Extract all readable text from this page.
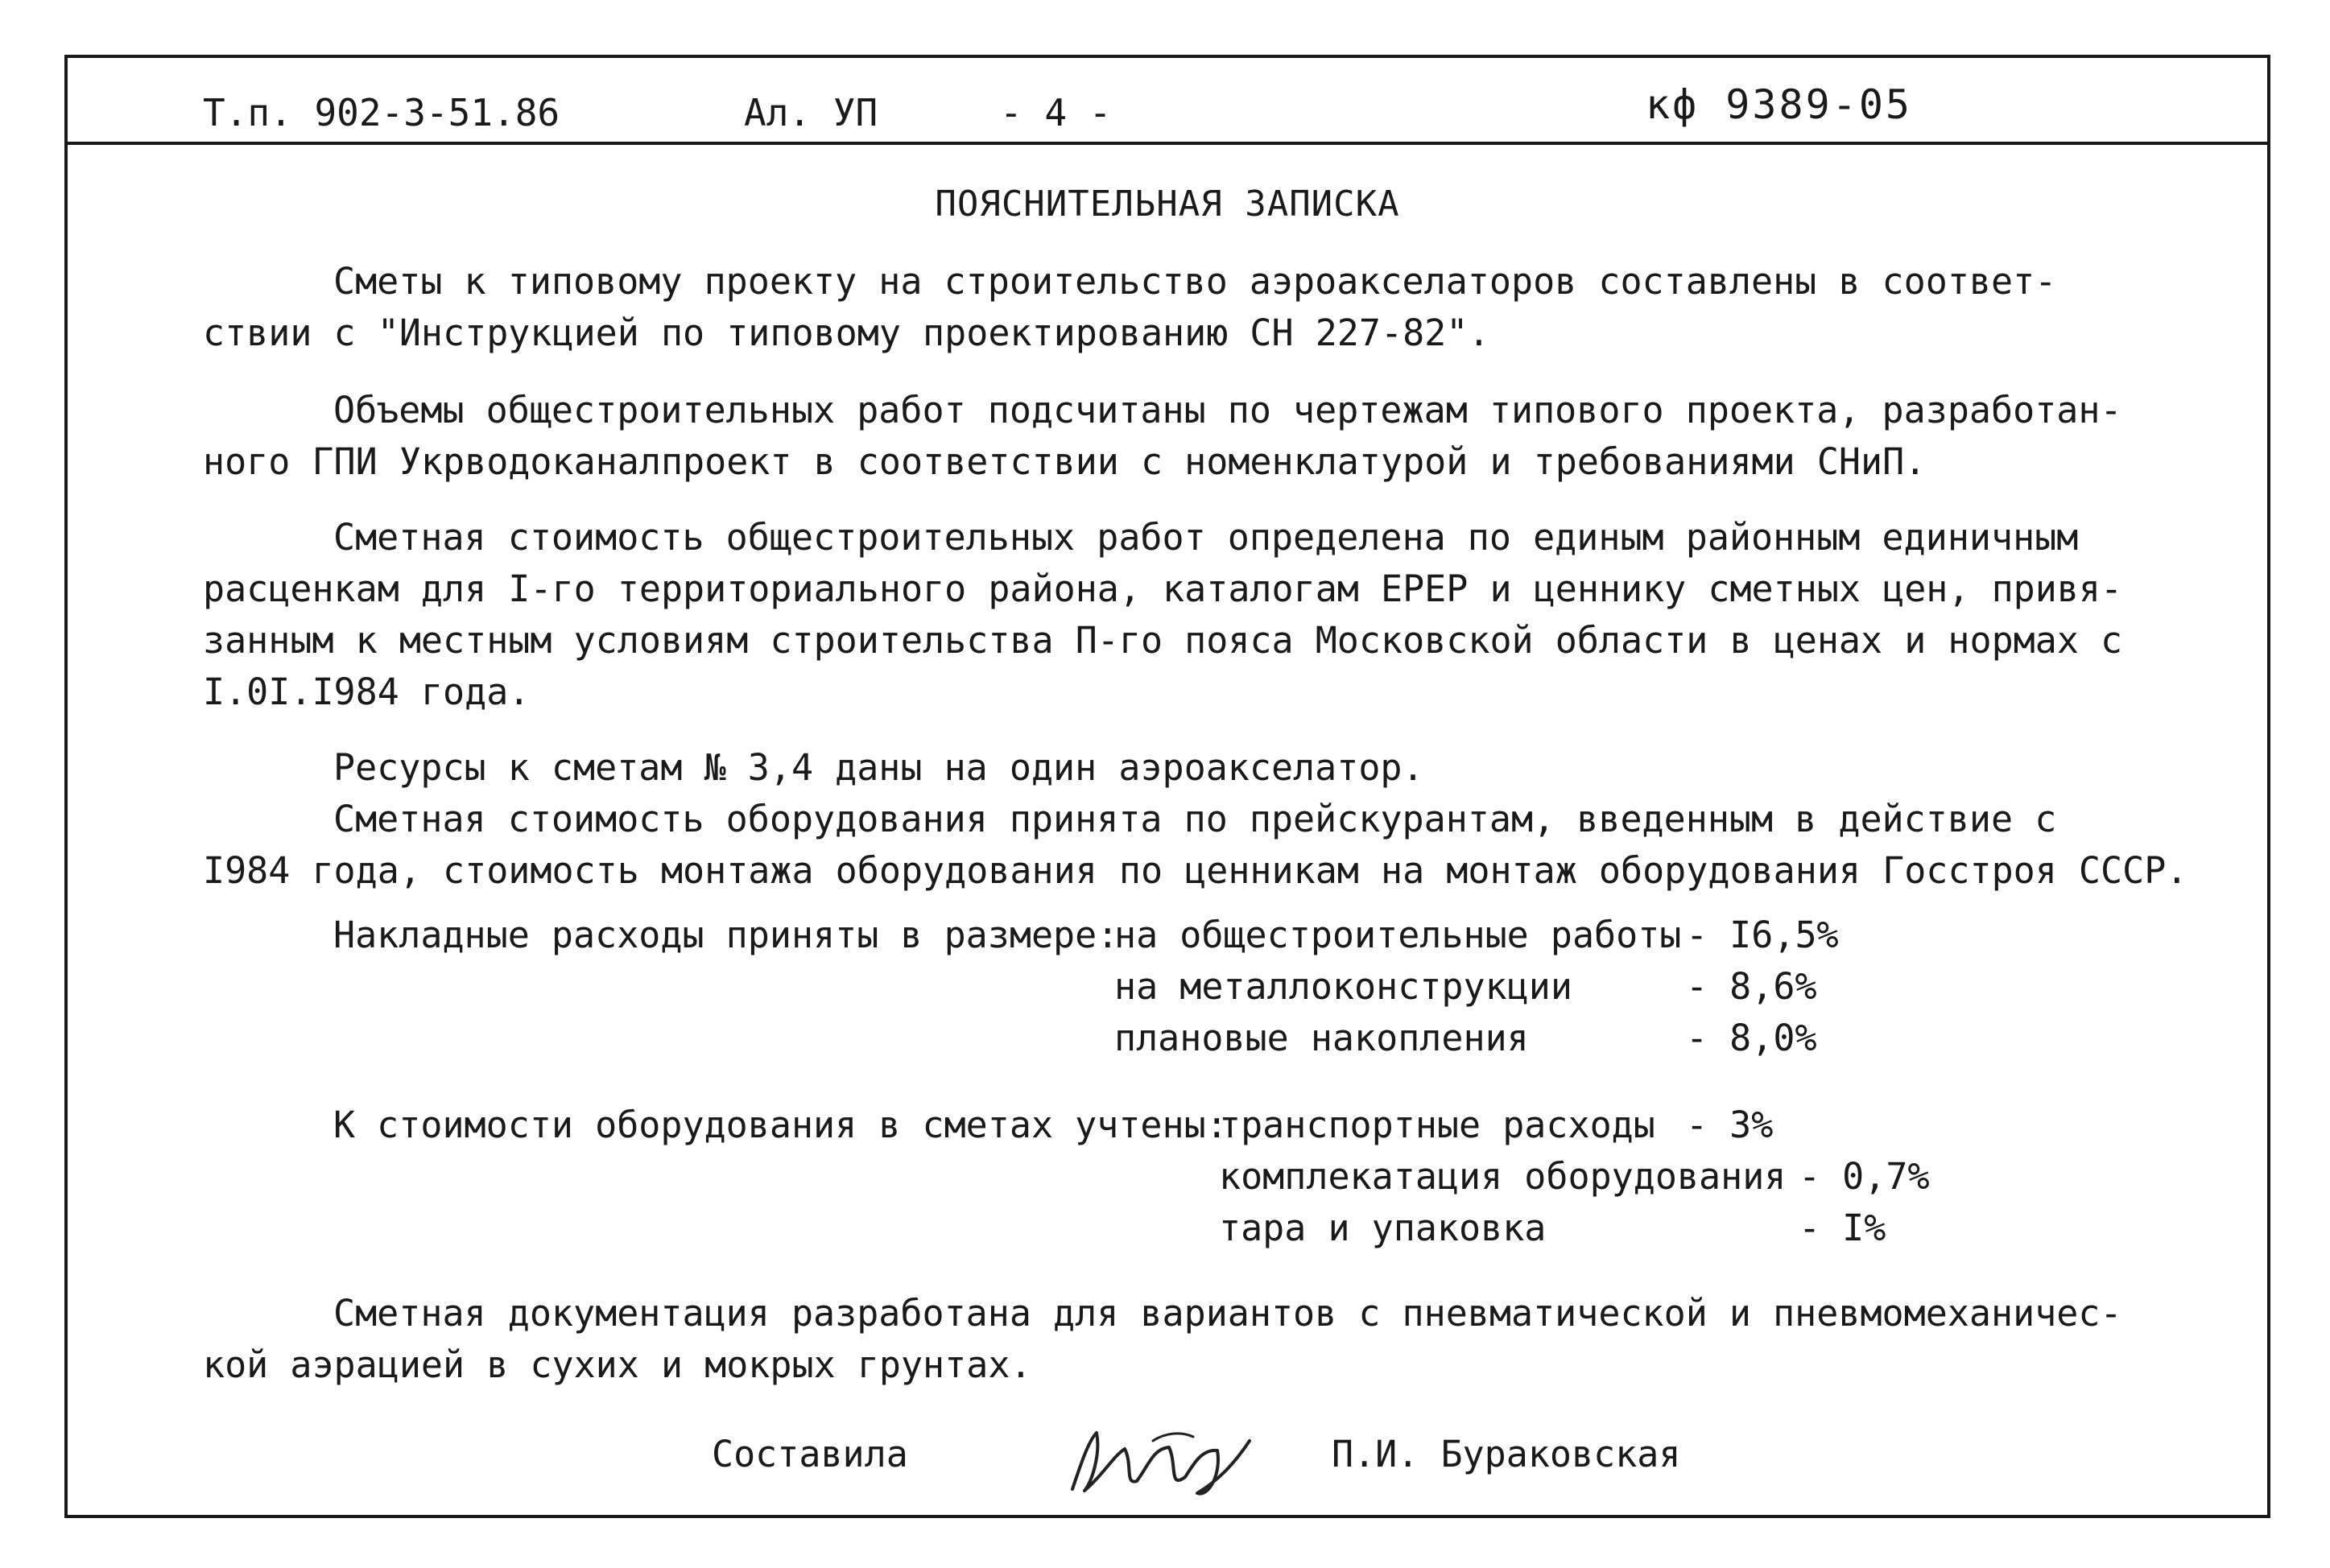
Т.п. 902-3-51.86	Ал. УП	- 4 -	кф 9389-05
ПОЯСНИТЕЛЬНАЯ ЗАПИСКА
Сметы к типовому проекту на строительство аэроакселаторов составлены в соответ-
ствии с "Инструкцией по типовому проектированию СН 227-82".
Объемы общестроительных работ подсчитаны по чертежам типового проекта, разработан-
ного ГПИ Укрводоканалпроект в соответствии с номенклатурой и требованиями СНиП.
Сметная стоимость общестроительных работ определена по единым районным единичным
расценкам для I-го территориального района, каталогам ЕРЕР и ценнику сметных цен, привя-
занным к местным условиям строительства П-го пояса Московской области в ценах и нормах с
I.0I.I984 года.
Ресурсы к сметам № 3,4 даны на один аэроакселатор.
Сметная стоимость оборудования принята по прейскурантам, введенным в действие с
I984 года, стоимость монтажа оборудования по ценникам на монтаж оборудования Госстроя СССР.
Накладные расходы приняты в размере:
на общестроительные работы - I6,5%
на металлоконструкции	- 8,6%
плановые накопления	- 8,0%
К стоимости оборудования в сметах учтены:
транспортные расходы - 3%
комплекатация оборудования - 0,7%
тара и упаковка	- I%
Сметная документация разработана для вариантов с пневматической и пневмомеханичес-
кой аэрацией в сухих и мокрых грунтах.
Составила	П.И. Бураковская
